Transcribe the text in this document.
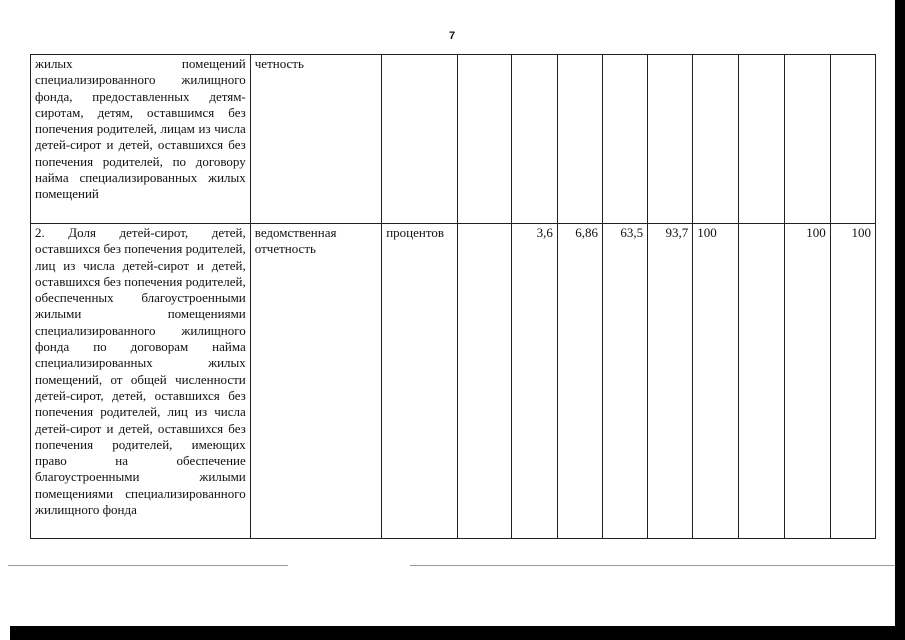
7
жилых помещений специализированного жилищного фонда, предоставленных детям-сиротам, детям, оставшимся без попечения родителей, лицам из числа детей-сирот и детей, оставшихся без попечения родителей, по договору найма специализированных жилых помещений	четность										
2. Доля детей-сирот, детей, оставшихся без попечения родителей, лиц из числа детей-сирот и детей, оставшихся без попечения родителей, обеспеченных благоустроенными жилыми помещениями специализированного жилищного фонда по договорам найма специализированных жилых помещений, от общей численности детей-сирот, детей, оставшихся без попечения родителей, лиц из числа детей-сирот и детей, оставшихся без попечения родителей, имеющих право на обеспечение благоустроенными жилыми помещениями специализированного жилищного фонда	ведомственная отчетность	процентов		3,6	6,86	63,5	93,7	100		100	100
